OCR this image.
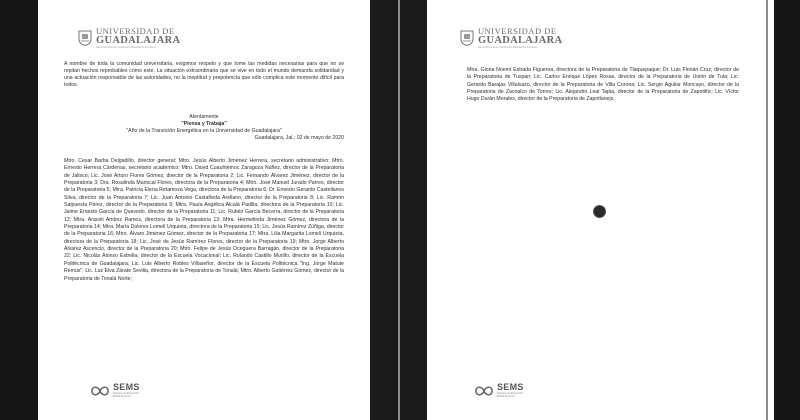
UNIVERSIDAD DE
GUADALAJARA
Red Universitaria e Institución Benemérita de Jalisco
A nombre de toda la comunidad universitaria, exigimos respeto y que tome las medidas necesarias para que no se repitan hechos reprobables como este. La situación extraordinaria que se vive en todo el mundo demanda solidaridad y una actuación responsable de las autoridades, no la ineptitud y prepotencia que sólo complica este momento difícil para todos.
Atentamente
"Piensa y Trabaja"
"Año de la Transición Energética en la Universidad de Guadalajara"
Guadalajara, Jal.; 02 de mayo de 2020
Mtro. Cesar Barba Delgadillo, director general; Mtro. Jesús Alberto Jiménez Herrera, secretario administrativo; Mtro. Ernesto Herrera Cárdenas, secretario académico; Mtro. David Cuauhtémoc Zaragoza Núñez, director de la Preparatoria de Jalisco; Lic. José Arturo Flores Gómez, director de la Preparatoria 2; Lic. Fernando Álvarez Jiménez, director de la Preparatoria 3; Dra. Rosalinda Mariscal Flores, directora de la Preparatoria 4; Mtro. José Manuel Jurado Parres, director de la Preparatoria 5; Mtra. Patricia Elena Retamoza Vega, directora de la Preparatoria 6; Dr. Ernesto Gerardo Castellanos Silva, director de la Preparatoria 7; Lic. Juan Antonio Castañeda Arellano, director de la Preparatoria 8; Lic. Ramón Salpuesta Pérez, director de la Preparatoria 9; Mtra. Paula Angélica Alcalá Padilla, directora de la Preparatoria 10; Lic. Jaime Ernesto García de Quevedo, director de la Preparatoria 11; Lic. Rubén García Becerra, director de la Preparatoria 12; Mtra. Araceli Ambriz Ramos, directora de la Preparatoria 13; Mtra. Hermelinda Jiménez Gómez, directora de la Preparatoria 14; Mtra. María Dolores Lomelí Urquieta, directora de la Preparatoria 15; Lic. Jesús Ramírez Zúñiga, director de la Preparatoria 16; Mtro. Álvaro Jiménez Gómez, director de la Preparatoria 17; Mtra. Lilia Margarita Lomelí Urquieta, directora de la Preparatoria 18; Lic. José de Jesús Ramírez Flores, director de la Preparatoria 19; Mtro. Jorge Alberto Álvarez Ascencio, director de la Preparatoria 20; Mtro. Felipe de Jesús Oceguera Barragán, director de la Preparatoria 22; Lic. Nicolás Alonso Estrella, director de la Escuela Vocacional; Lic. Rolando Castillo Murillo, director de la Escuela Politécnica de Guadalajara; Lic. Luis Alberto Robles Villaseñor, director de la Escuela Politécnica "Ing. Jorge Matute Remus"; Lic. Luz Elva Zárate Sevilla, directora de la Preparatoria de Tonalá; Mtro. Alberto Gutiérrez Gómez, director de la Preparatoria de Tonalá Norte;
SEMS
Sistema de Educación
Media Superior
UNIVERSIDAD DE
GUADALAJARA
Red Universitaria e Institución Benemérita de Jalisco
Mtra. Gloria Noemí Estrada Figueroa, directora de la Preparatoria de Tlaquepaque; Dr. Luis Florián Cruz, director de la Preparatoria de Tuxpan; Lic. Carlos Enrique López Rosas, director de la Preparatoria de Unión de Tula; Lic. Gerardo Barajas Villalvazo, director de la Preparatoria de Villa Corona; Lic. Sergio Aguilar Moncayo, director de la Preparatoria de Zacoalco de Torres; Lic. Alejandro Leal Tapia, director de la Preparatoria de Zapotiltic; Lic. Víctor Hugo Durán Morales, director de la Preparatoria de Zapotlanejo.
SEMS
Sistema de Educación
Media Superior
